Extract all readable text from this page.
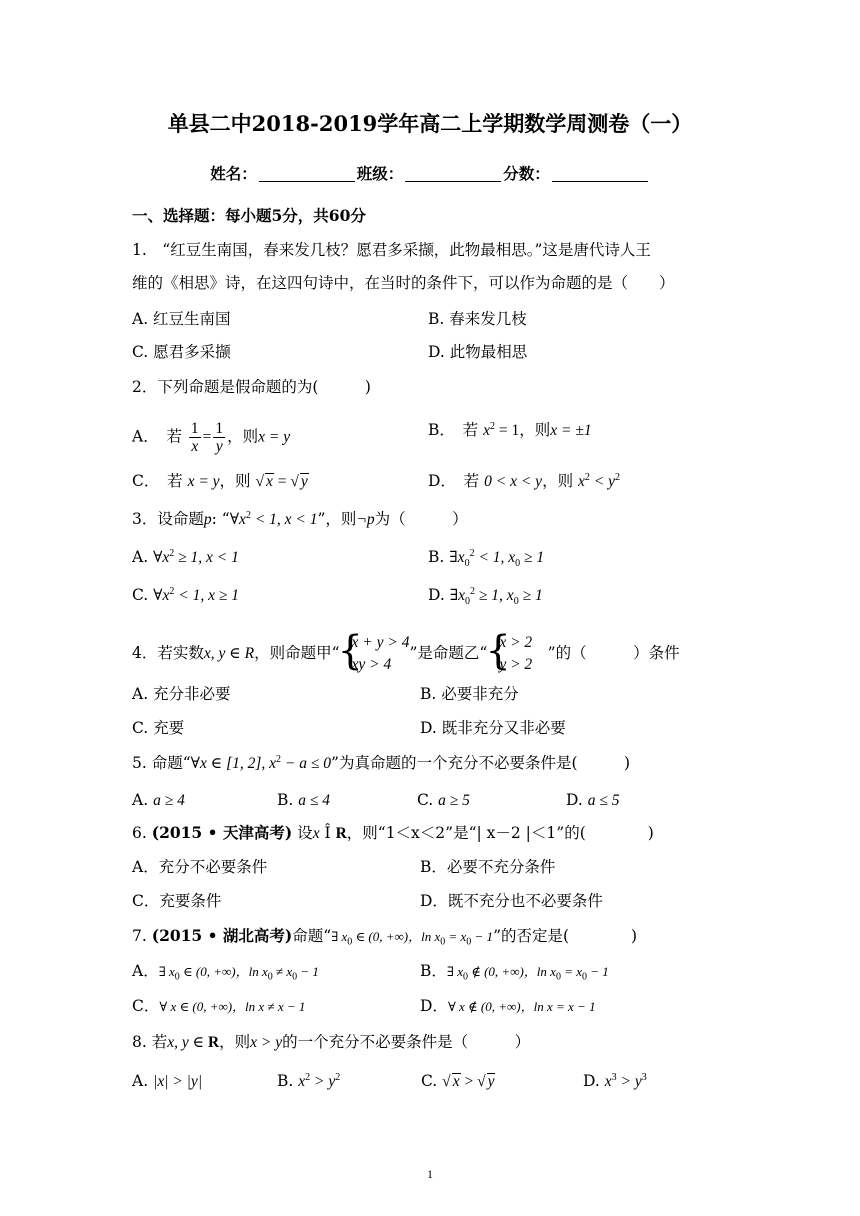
单县二中2018-2019学年高二上学期数学周测卷（一）
姓名：	班级：	分数：
一、选择题：每小题5分，共60分
1.　“红豆生南国，春来发几枝？愿君多采撷，此物最相思。”这是唐代诗人王
维的《相思》诗，在这四句诗中，在当时的条件下，可以作为命题的是（　　）
A. 红豆生南国	B. 春来发几枝
C. 愿君多采撷	D. 此物最相思
2．下列命题是假命题的为(　　　)
A．　若 $\frac{1}{x} = \frac{1}{y}$ ，则x = y	B．　若 $x^2 = 1$，则x = ±1
C．　若 x = y，则 √ x = √ y	D．　若 0 < x < y，则 $x^2 < y^2$
3．设命题p: “$\forall x^2 < 1$, x < 1”，则¬p为（　　　）
A. $\forall x^2 \ge 1$, x < 1	B. $\exists x_0^2 < 1$, $x_0 \ge 1$
C. $\forall x^2 < 1$, x ≥ 1	D. $\exists x_0^2 \ge 1$, $x_0 \ge 1$
4．若实数x, y ∈ R，则命题甲“
{ x + y > 4
xy > 4
”是命题乙“
{ x > 2
y > 2
　”的（　　　）条件
A. 充分非必要	B. 必要非充分
C. 充要	D. 既非充分又非必要
5. 命题“∀x ∈ [1, 2], $x^2 - a \le 0$”为真命题的一个充分不必要条件是(　　　)
A. a ≥ 4	B. a ≤ 4	C. a ≥ 5	D. a ≤ 5
6. (2015 • 天津高考) 设x Î R，则“1＜x＜2”是“| x－2 |＜1”的(　　　　)
A．充分不必要条件	B．必要不充分条件
C．充要条件	D．既不充分也不必要条件
7. (2015 • 湖北高考)命题“∃ $x_0$ ∈ (0, +∞)，$\ln x_0 = x_0 - 1$”的否定是(　　　　)
A．∃ $x_0$ ∈ (0, +∞)，$\ln x_0 \ne x_0 - 1$	B．∃ $x_0$ ∉ (0, +∞)，$\ln x_0 = x_0 - 1$
C．∀ x ∈ (0, +∞)，ln x ≠ x − 1	D．∀ x ∉ (0, +∞)，ln x = x − 1
8. 若x, y ∈ R，则x > y的一个充分不必要条件是（　　　）
A. |x| > |y|	B. $x^2 > y^2$	C. √ x > √ y	D. $x^3 > y^3$
1
